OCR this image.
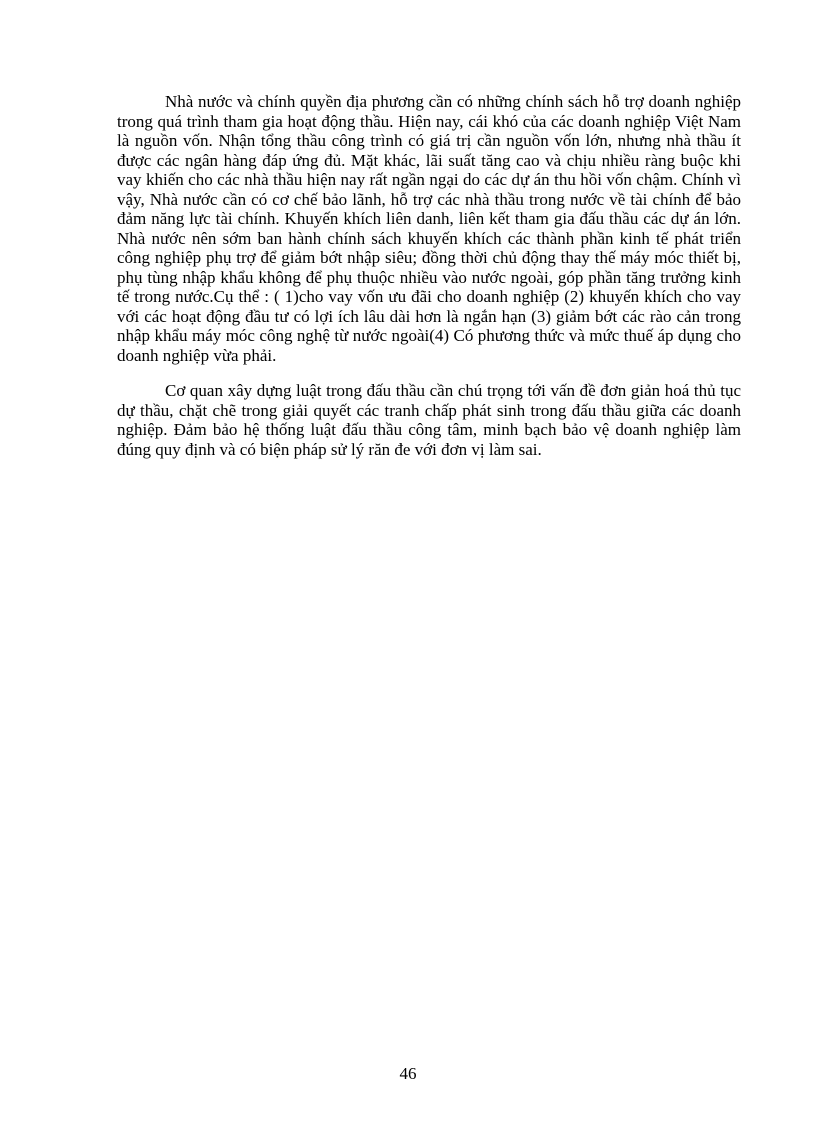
Nhà nước và chính quyền địa phương cần có những chính sách hỗ trợ doanh nghiệp trong quá trình tham gia hoạt động thầu. Hiện nay, cái khó của các doanh nghiệp Việt Nam là nguồn vốn. Nhận tổng thầu công trình có giá trị cần nguồn vốn lớn, nhưng nhà thầu ít được các ngân hàng đáp ứng đủ. Mặt khác, lãi suất tăng cao và chịu nhiều ràng buộc khi vay khiến cho các nhà thầu hiện nay rất ngần ngại do các dự án thu hồi vốn chậm. Chính vì vậy, Nhà nước cần có cơ chế bảo lãnh, hỗ trợ các nhà thầu trong nước về tài chính để bảo đảm năng lực tài chính. Khuyến khích liên danh, liên kết tham gia đấu thầu các dự án lớn. Nhà nước nên sớm ban hành chính sách khuyến khích các thành phần kinh tế phát triển công nghiệp phụ trợ để giảm bớt nhập siêu; đồng thời chủ động thay thế máy móc thiết bị, phụ tùng nhập khẩu không để phụ thuộc nhiều vào nước ngoài, góp phần tăng trưởng kinh tế trong nước.Cụ thể : ( 1)cho vay vốn ưu đãi cho doanh nghiệp (2) khuyến khích cho vay với các hoạt động đầu tư có lợi ích lâu dài hơn là ngắn hạn (3) giảm bớt các rào cản trong nhập khẩu máy móc công nghệ từ nước ngoài(4) Có phương thức và mức thuế áp dụng cho doanh nghiệp vừa phải.

Cơ quan xây dựng luật trong đấu thầu cần chú trọng tới vấn đề đơn giản hoá thủ tục dự thầu, chặt chẽ trong giải quyết các tranh chấp phát sinh trong đấu thầu giữa các doanh nghiệp. Đảm bảo hệ thống luật đấu thầu công tâm, minh bạch bảo vệ doanh nghiệp làm đúng quy định và có biện pháp sử lý răn đe với đơn vị làm sai.

46
